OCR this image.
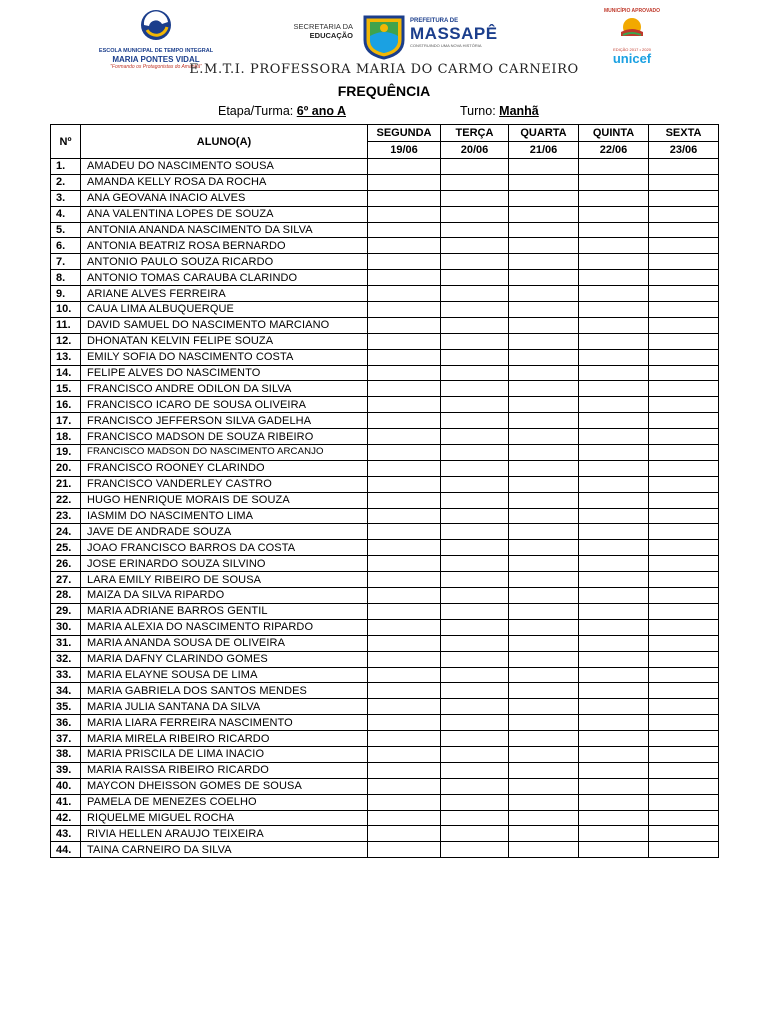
ESCOLA MUNICIPAL DE TEMPO INTEGRAL
MARIA PONTES VIDAL
“Formando os Protagonistas do Amanhã”
SECRETARIA DA
EDUCAÇÃO
PREFEITURA DE
MASSAPÊ
CONSTRUINDO UMA NOVA HISTÓRIA
MUNICÍPIO APROVADO
EDIÇÃO 2017 • 2020
unicef
E.M.T.I. PROFESSORA MARIA DO CARMO CARNEIRO
FREQUÊNCIA
Etapa/Turma: 6º ano A	Turno: Manhã
Nº	ALUNO(A)	SEGUNDA	TERÇA	QUARTA	QUINTA	SEXTA
		19/06	20/06	21/06	22/06	23/06
1.	AMADEU DO NASCIMENTO SOUSA					
2.	AMANDA KELLY ROSA DA ROCHA					
3.	ANA GEOVANA INACIO ALVES					
4.	ANA VALENTINA LOPES DE SOUZA					
5.	ANTONIA ANANDA NASCIMENTO DA SILVA					
6.	ANTONIA BEATRIZ ROSA BERNARDO					
7.	ANTONIO PAULO SOUZA RICARDO					
8.	ANTONIO TOMAS CARAUBA CLARINDO					
9.	ARIANE ALVES FERREIRA					
10.	CAUA LIMA ALBUQUERQUE					
11.	DAVID SAMUEL DO NASCIMENTO MARCIANO					
12.	DHONATAN KELVIN FELIPE SOUZA					
13.	EMILY SOFIA DO NASCIMENTO COSTA					
14.	FELIPE ALVES DO NASCIMENTO					
15.	FRANCISCO ANDRE ODILON DA SILVA					
16.	FRANCISCO ICARO DE SOUSA OLIVEIRA					
17.	FRANCISCO JEFFERSON SILVA GADELHA					
18.	FRANCISCO MADSON DE SOUZA RIBEIRO					
19.	FRANCISCO MADSON DO NASCIMENTO ARCANJO					
20.	FRANCISCO ROONEY CLARINDO					
21.	FRANCISCO VANDERLEY CASTRO					
22.	HUGO HENRIQUE MORAIS DE SOUZA					
23.	IASMIM DO NASCIMENTO LIMA					
24.	JAVE DE ANDRADE SOUZA					
25.	JOAO FRANCISCO BARROS DA COSTA					
26.	JOSE ERINARDO SOUZA SILVINO					
27.	LARA EMILY RIBEIRO DE SOUSA					
28.	MAIZA DA SILVA RIPARDO					
29.	MARIA ADRIANE BARROS GENTIL					
30.	MARIA ALEXIA DO NASCIMENTO RIPARDO					
31.	MARIA ANANDA SOUSA DE OLIVEIRA					
32.	MARIA DAFNY CLARINDO GOMES					
33.	MARIA ELAYNE SOUSA DE LIMA					
34.	MARIA GABRIELA DOS SANTOS MENDES					
35.	MARIA JULIA SANTANA DA SILVA					
36.	MARIA LIARA FERREIRA NASCIMENTO					
37.	MARIA MIRELA RIBEIRO RICARDO					
38.	MARIA PRISCILA DE LIMA INACIO					
39.	MARIA RAISSA RIBEIRO RICARDO					
40.	MAYCON DHEISSON GOMES DE SOUSA					
41.	PAMELA DE MENEZES COELHO					
42.	RIQUELME MIGUEL ROCHA					
43.	RIVIA HELLEN ARAUJO TEIXEIRA					
44.	TAINA CARNEIRO DA SILVA					
